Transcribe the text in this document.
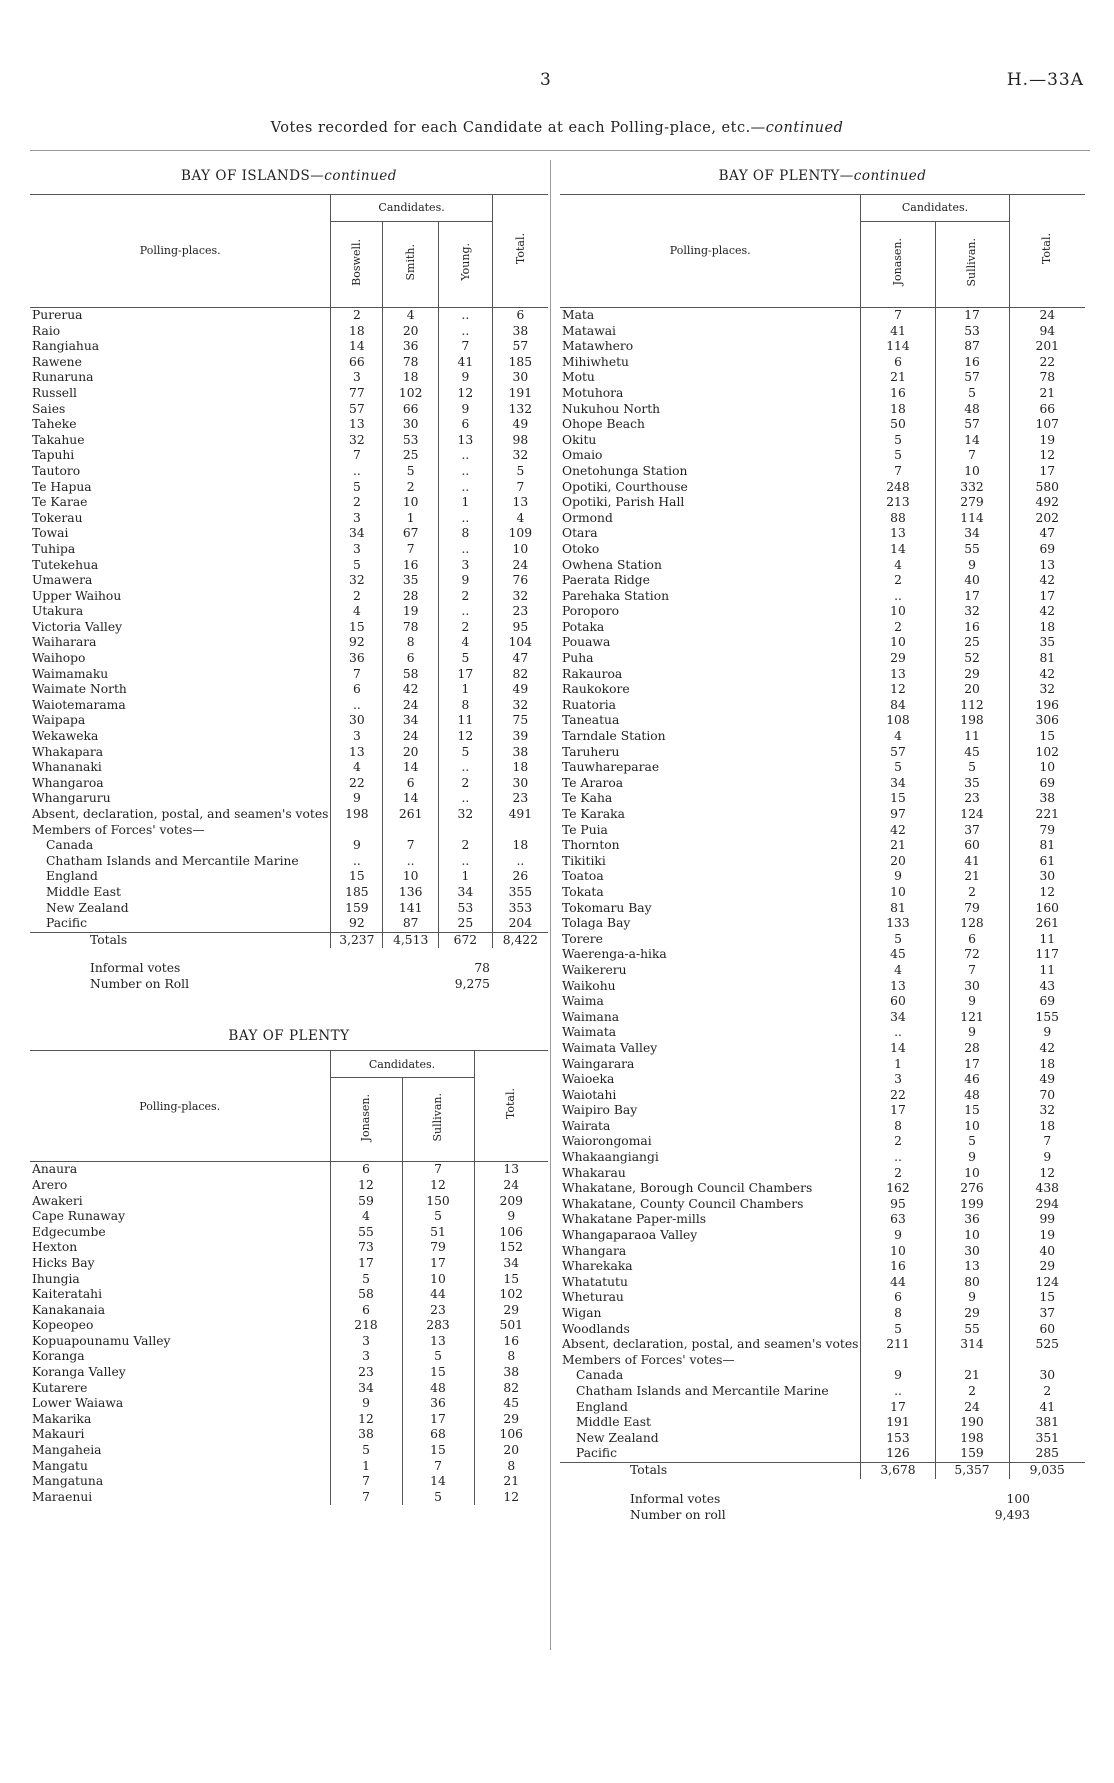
3	H.—33A
Votes recorded for each Candidate at each Polling-place, etc.—continued

BAY OF ISLANDS—continued

Polling-places.	Candidates.			Total.
	Boswell.	Smith.	Young.	
Purerua	2	4	..	6
Raio	18	20	..	38
Rangiahua	14	36	7	57
Rawene	66	78	41	185
Runaruna	3	18	9	30
Russell	77	102	12	191
Saies	57	66	9	132
Taheke	13	30	6	49
Takahue	32	53	13	98
Tapuhi	7	25	..	32
Tautoro	..	5	..	5
Te Hapua	5	2	..	7
Te Karae	2	10	1	13
Tokerau	3	1	..	4
Towai	34	67	8	109
Tuhipa	3	7	..	10
Tutekehua	5	16	3	24
Umawera	32	35	9	76
Upper Waihou	2	28	2	32
Utakura	4	19	..	23
Victoria Valley	15	78	2	95
Waiharara	92	8	4	104
Waihopo	36	6	5	47
Waimamaku	7	58	17	82
Waimate North	6	42	1	49
Waiotemarama	..	24	8	32
Waipapa	30	34	11	75
Wekaweka	3	24	12	39
Whakapara	13	20	5	38
Whananaki	4	14	..	18
Whangaroa	22	6	2	30
Whangaruru	9	14	..	23
Absent, declaration, postal, and seamen's votes	198	261	32	491
Members of Forces' votes—				
Canada	9	7	2	18
Chatham Islands and Mercantile Marine	..	..	..	..
England	15	10	1	26
Middle East	185	136	34	355
New Zealand	159	141	53	353
Pacific	92	87	25	204
Totals	3,237	4,513	672	8,422
Informal votes	78
Number on Roll	9,275

BAY OF PLENTY

Polling-places.	Candidates.		Total.
	Jonasen.	Sullivan.	
Anaura	6	7	13
Arero	12	12	24
Awakeri	59	150	209
Cape Runaway	4	5	9
Edgecumbe	55	51	106
Hexton	73	79	152
Hicks Bay	17	17	34
Ihungia	5	10	15
Kaiteratahi	58	44	102
Kanakanaia	6	23	29
Kopeopeo	218	283	501
Kopuapounamu Valley	3	13	16
Koranga	3	5	8
Koranga Valley	23	15	38
Kutarere	34	48	82
Lower Waiawa	9	36	45
Makarika	12	17	29
Makauri	38	68	106
Mangaheia	5	15	20
Mangatu	1	7	8
Mangatuna	7	14	21
Maraenui	7	5	12

BAY OF PLENTY—continued

Polling-places.	Candidates.		Total.
	Jonasen.	Sullivan.	
Mata	7	17	24
Matawai	41	53	94
Matawhero	114	87	201
Mihiwhetu	6	16	22
Motu	21	57	78
Motuhora	16	5	21
Nukuhou North	18	48	66
Ohope Beach	50	57	107
Okitu	5	14	19
Omaio	5	7	12
Onetohunga Station	7	10	17
Opotiki, Courthouse	248	332	580
Opotiki, Parish Hall	213	279	492
Ormond	88	114	202
Otara	13	34	47
Otoko	14	55	69
Owhena Station	4	9	13
Paerata Ridge	2	40	42
Parehaka Station	..	17	17
Poroporo	10	32	42
Potaka	2	16	18
Pouawa	10	25	35
Puha	29	52	81
Rakauroa	13	29	42
Raukokore	12	20	32
Ruatoria	84	112	196
Taneatua	108	198	306
Tarndale Station	4	11	15
Taruheru	57	45	102
Tauwhareparae	5	5	10
Te Araroa	34	35	69
Te Kaha	15	23	38
Te Karaka	97	124	221
Te Puia	42	37	79
Thornton	21	60	81
Tikitiki	20	41	61
Toatoa	9	21	30
Tokata	10	2	12
Tokomaru Bay	81	79	160
Tolaga Bay	133	128	261
Torere	5	6	11
Waerenga-a-hika	45	72	117
Waikereru	4	7	11
Waikohu	13	30	43
Waima	60	9	69
Waimana	34	121	155
Waimata	..	9	9
Waimata Valley	14	28	42
Waingarara	1	17	18
Waioeka	3	46	49
Waiotahi	22	48	70
Waipiro Bay	17	15	32
Wairata	8	10	18
Waiorongomai	2	5	7
Whakaangiangi	..	9	9
Whakarau	2	10	12
Whakatane, Borough Council Chambers	162	276	438
Whakatane, County Council Chambers	95	199	294
Whakatane Paper-mills	63	36	99
Whangaparaoa Valley	9	10	19
Whangara	10	30	40
Wharekaka	16	13	29
Whatatutu	44	80	124
Wheturau	6	9	15
Wigan	8	29	37
Woodlands	5	55	60
Absent, declaration, postal, and seamen's votes	211	314	525
Members of Forces' votes—			
Canada	9	21	30
Chatham Islands and Mercantile Marine	..	2	2
England	17	24	41
Middle East	191	190	381
New Zealand	153	198	351
Pacific	126	159	285
Totals	3,678	5,357	9,035
Informal votes	100
Number on roll	9,493
